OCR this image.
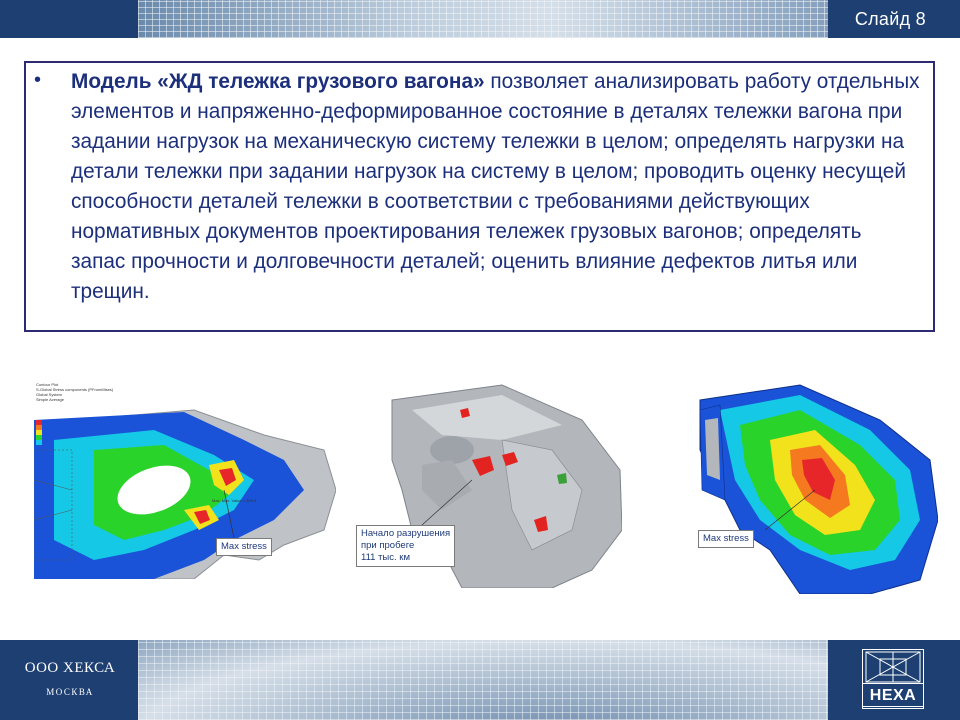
Слайд 8
• Модель «ЖД тележка грузового вагона» позволяет анализировать работу отдельных элементов и напряженно-деформированное состояние в деталях тележки вагона при задании нагрузок на механическую систему тележки в целом; определять нагрузки на детали тележки при задании нагрузок на систему в целом; проводить оценку несущей способности деталей тележки в соответствии с требованиями действующих нормативных документов проектирования тележек грузовых вагонов; определять запас прочности и долговечности деталей; оценить влияние дефектов литья или трещин.

Contour Plot
S-Global Stress components (PFromMises)
Global System
Simple Average

Max: Max  Value = 209.4
Max stress
Начало разрушения
при пробеге
111 тыс. км
Max stress
ООО ХЕКСА
МОСКВА	HEXA
